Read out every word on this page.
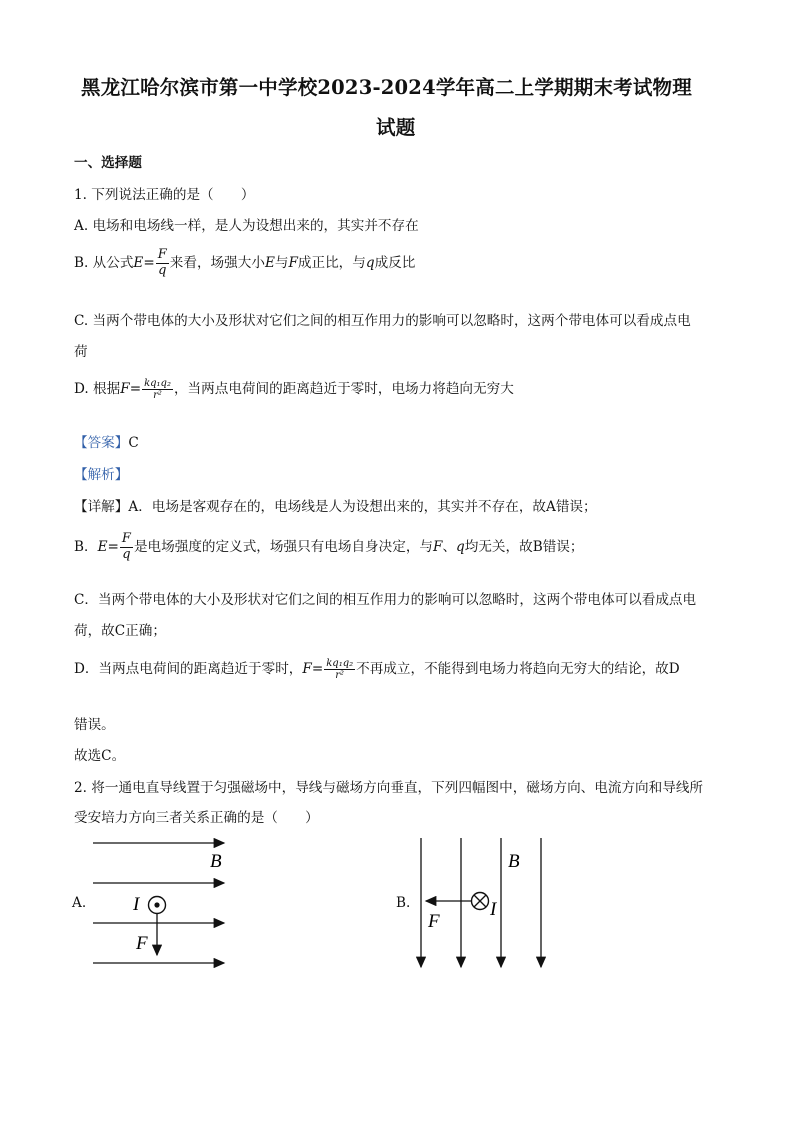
黑龙江哈尔滨市第一中学校2023-2024学年高二上学期期末考试物理
试题
一、选择题
1. 下列说法正确的是（　　）
A. 电场和电场线一样，是人为设想出来的，其实并不存在
B. 从公式$E= \frac{F}{q}$ 来看，场强大小E与F成正比，与q成反比
C. 当两个带电体的大小及形状对它们之间的相互作用力的影响可以忽略时，这两个带电体可以看成点电
荷
D. 根据$F= \frac{\text{kq₁q₂}}{\text{r²}}$ ，当两点电荷间的距离趋近于零时，电场力将趋向无穷大
【答案】C
【解析】
【详解】A．电场是客观存在的，电场线是人为设想出来的，其实并不存在，故A错误；
B．$E= \frac{F}{q}$ 是电场强度的定义式，场强只有电场自身决定，与F、q均无关，故B错误；
C．当两个带电体的大小及形状对它们之间的相互作用力的影响可以忽略时，这两个带电体可以看成点电
荷，故C正确；
D．当两点电荷间的距离趋近于零时，$F= \frac{\text{kq₁q₂}}{\text{r²}}$ 不再成立，不能得到电场力将趋向无穷大的结论，故D
错误。
故选C。
2. 将一通电直导线置于匀强磁场中，导线与磁场方向垂直，下列四幅图中，磁场方向、电流方向和导线所
受安培力方向三者关系正确的是（　　）
A.
B
I
F
B.
B
I
F
